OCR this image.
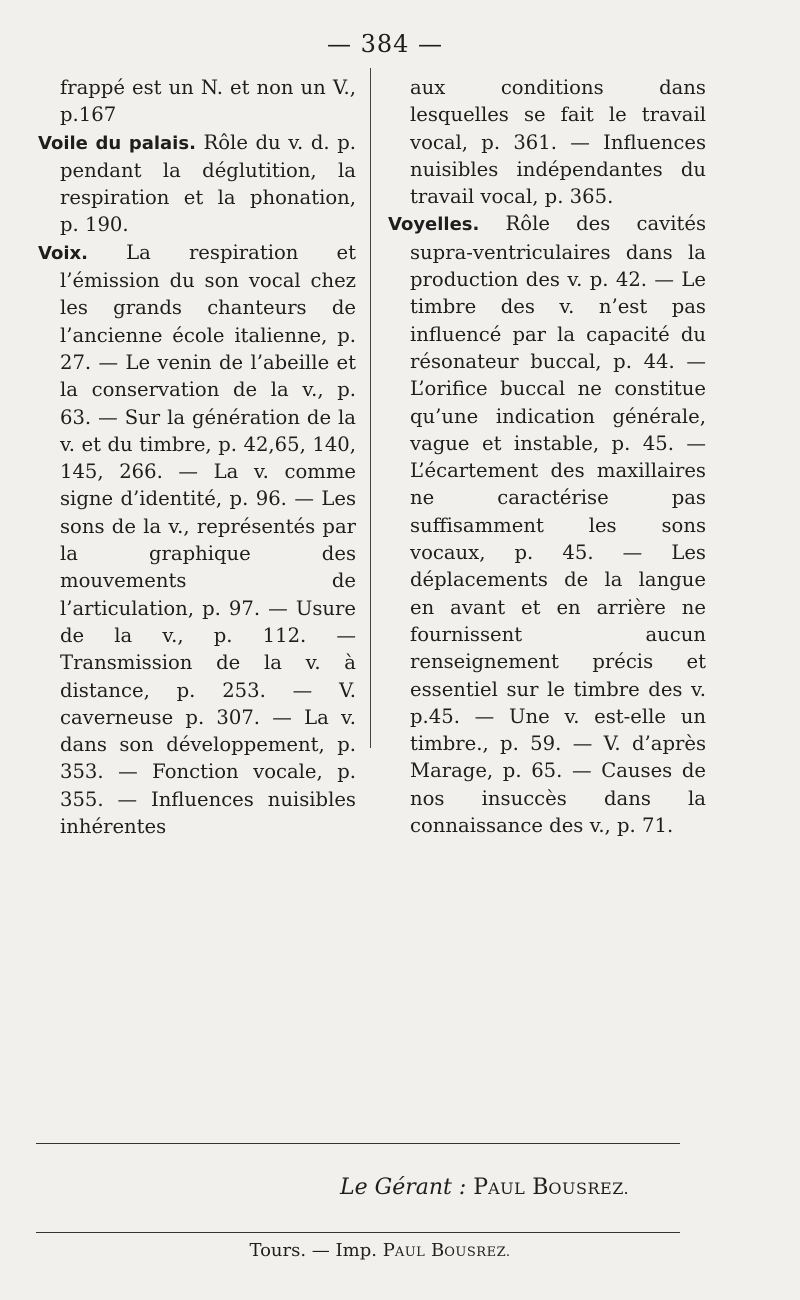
— 384 —

frappé est un N. et non un V., p.167

Voile du palais. Rôle du v. d. p. pendant la déglutition, la respiration et la phonation, p. 190.

Voix. La respiration et l’émission du son vocal chez les grands chanteurs de l’ancienne école italienne, p. 27. — Le venin de l’abeille et la conservation de la v., p. 63. — Sur la génération de la v. et du timbre, p. 42,65, 140, 145, 266. — La v. comme signe d’identité, p. 96. — Les sons de la v., représentés par la graphique des mouvements de l’articulation, p. 97. — Usure de la v., p. 112. — Transmission de la v. à distance, p. 253. — V. caverneuse p. 307. — La v. dans son développement, p. 353. — Fonction vocale, p. 355. — Influences nuisibles inhérentes

aux conditions dans lesquelles se fait le travail vocal, p. 361. — Influences nuisibles indépendantes du travail vocal, p. 365.

Voyelles. Rôle des cavités supra-ventriculaires dans la production des v. p. 42. — Le timbre des v. n’est pas influencé par la capacité du résonateur buccal, p. 44. — L’orifice buccal ne constitue qu’une indication générale, vague et instable, p. 45. — L’écartement des maxillaires ne caractérise pas suffisamment les sons vocaux, p. 45. — Les déplacements de la langue en avant et en arrière ne fournissent aucun renseignement précis et essentiel sur le timbre des v. p.45. — Une v. est-elle un timbre., p. 59. — V. d’après Marage, p. 65. — Causes de nos insuccès dans la connaissance des v., p. 71.

Le Gérant : PAUL BOUSREZ.
Tours. — Imp. PAUL BOUSREZ.
